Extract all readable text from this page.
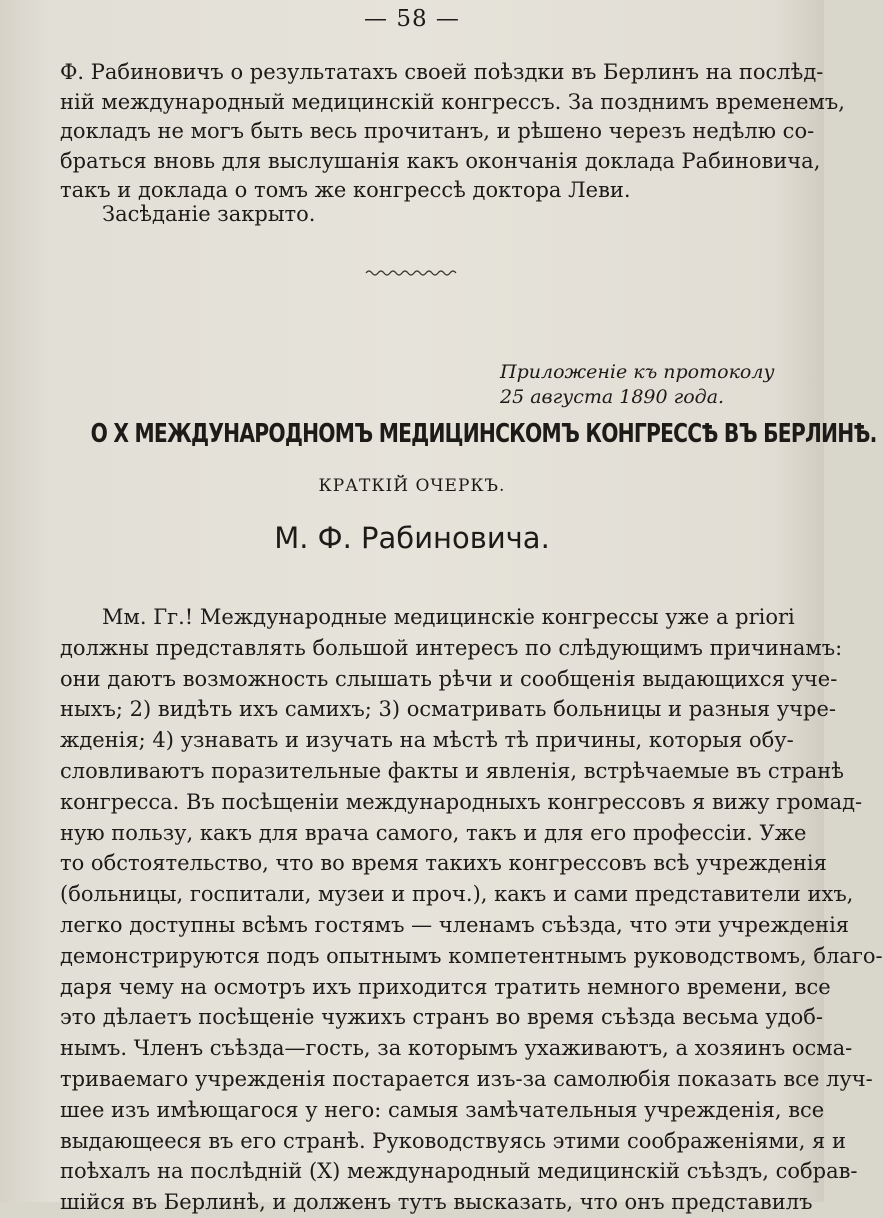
— 58 —
Ф. Рабиновичъ о результатахъ своей поѣздки въ Берлинъ на послѣд-
нiй международный медицинскiй конгрессъ. За позднимъ временемъ,
докладъ не могъ быть весь прочитанъ, и рѣшено черезъ недѣлю со-
браться вновь для выслушанiя какъ окончанiя доклада Рабиновича,
такъ и доклада о томъ же конгрессѣ доктора Леви.
Засѣданiе закрыто.
Приложенiе къ протоколу
25 августа 1890 года.
О X МЕЖДУНАРОДНОМЪ МЕДИЦИНСКОМЪ КОНГРЕССѢ ВЪ БЕРЛИНѢ.
КРАТКIЙ ОЧЕРКЪ.
М. Ф. Рабиновича.
Мм. Гг.! Международные медицинскiе конгрессы уже a priori
должны представлять большой интересъ по слѣдующимъ причинамъ:
они даютъ возможность слышать рѣчи и сообщенiя выдающихся уче-
ныхъ; 2) видѣть ихъ самихъ; 3) осматривать больницы и разныя учре-
жденiя; 4) узнавать и изучать на мѣстѣ тѣ причины, которыя обу-
словливаютъ поразительные факты и явленiя, встрѣчаемые въ странѣ
конгресса. Въ посѣщенiи международныхъ конгрессовъ я вижу громад-
ную пользу, какъ для врача самого, такъ и для его профессiи. Уже
то обстоятельство, что во время такихъ конгрессовъ всѣ учрежденiя
(больницы, госпитали, музеи и проч.), какъ и сами представители ихъ,
легко доступны всѣмъ гостямъ — членамъ съѣзда, что эти учрежденiя
демонстрируются подъ опытнымъ компетентнымъ руководствомъ, благо-
даря чему на осмотръ ихъ приходится тратить немного времени, все
это дѣлаетъ посѣщенiе чужихъ странъ во время съѣзда весьма удоб-
нымъ. Членъ съѣзда—гость, за которымъ ухаживаютъ, а хозяинъ осма-
триваемаго учрежденiя постарается изъ-за самолюбiя показать все луч-
шее изъ имѣющагося у него: самыя замѣчательныя учрежденiя, все
выдающееся въ его странѣ. Руководствуясь этими соображенiями, я и
поѣхалъ на послѣднiй (X) международный медицинскiй съѣздъ, собрав-
шiйся въ Берлинѣ, и долженъ тутъ высказать, что онъ представилъ
